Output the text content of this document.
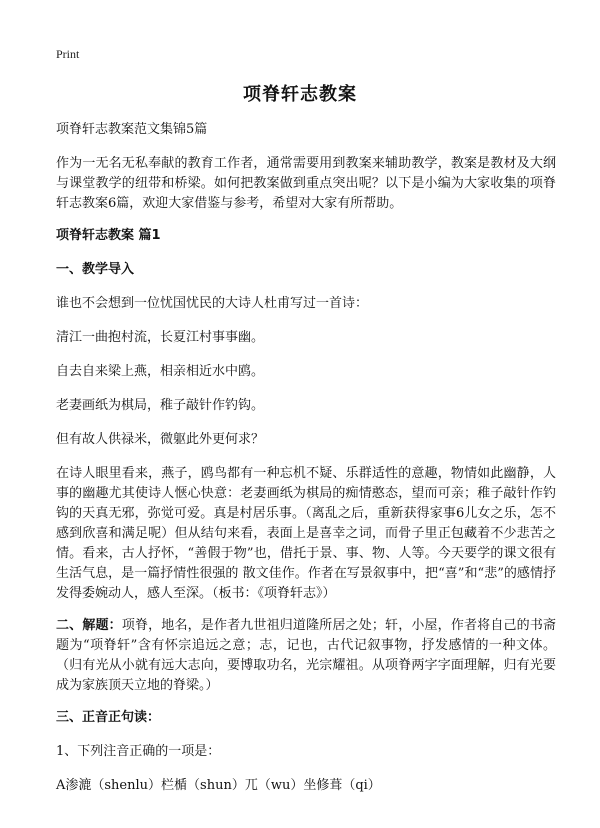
Print
项脊轩志教案

项脊轩志教案范文集锦5篇

作为一无名无私奉献的教育工作者，通常需要用到教案来辅助教学，教案是教材及大纲与课堂教学的纽带和桥梁。如何把教案做到重点突出呢？以下是小编为大家收集的项脊轩志教案6篇，欢迎大家借鉴与参考，希望对大家有所帮助。

项脊轩志教案 篇1
一、教学导入

谁也不会想到一位忧国忧民的大诗人杜甫写过一首诗：

清江一曲抱村流，长夏江村事事幽。

自去自来梁上燕，相亲相近水中鸥。

老妻画纸为棋局，稚子敲针作钓钩。

但有故人供禄米，微躯此外更何求？

在诗人眼里看来，燕子，鸥鸟都有一种忘机不疑、乐群适性的意趣，物情如此幽静，人事的幽趣尤其使诗人惬心快意：老妻画纸为棋局的痴情憨态，望而可亲；稚子敲针作钓钩的天真无邪，弥觉可爱。真是村居乐事。（离乱之后，重新获得家事6儿女之乐，怎不感到欣喜和满足呢）但从结句来看，表面上是喜幸之词，而骨子里正包藏着不少悲苦之情。看来，古人抒怀，“善假于物”也，借托于景、事、物、人等。今天要学的课文很有生活气息，是一篇抒情性很强的 散文佳作。作者在写景叙事中，把“喜”和“悲”的感情抒发得委婉动人，感人至深。（板书：《项脊轩志》）

二、解题：项脊，地名，是作者九世祖归道隆所居之处；轩，小屋，作者将自己的书斋题为“项脊轩”含有怀宗追远之意；志，记也，古代记叙事物，抒发感情的一种文体。（归有光从小就有远大志向，要博取功名，光宗耀祖。从项脊两字字面理解，归有光要成为家族顶天立地的脊梁。）

三、正音正句读：

1、下列注音正确的一项是：

A渗漉（shenlu）栏楯（shun）兀（wu）坐修葺（qi）
